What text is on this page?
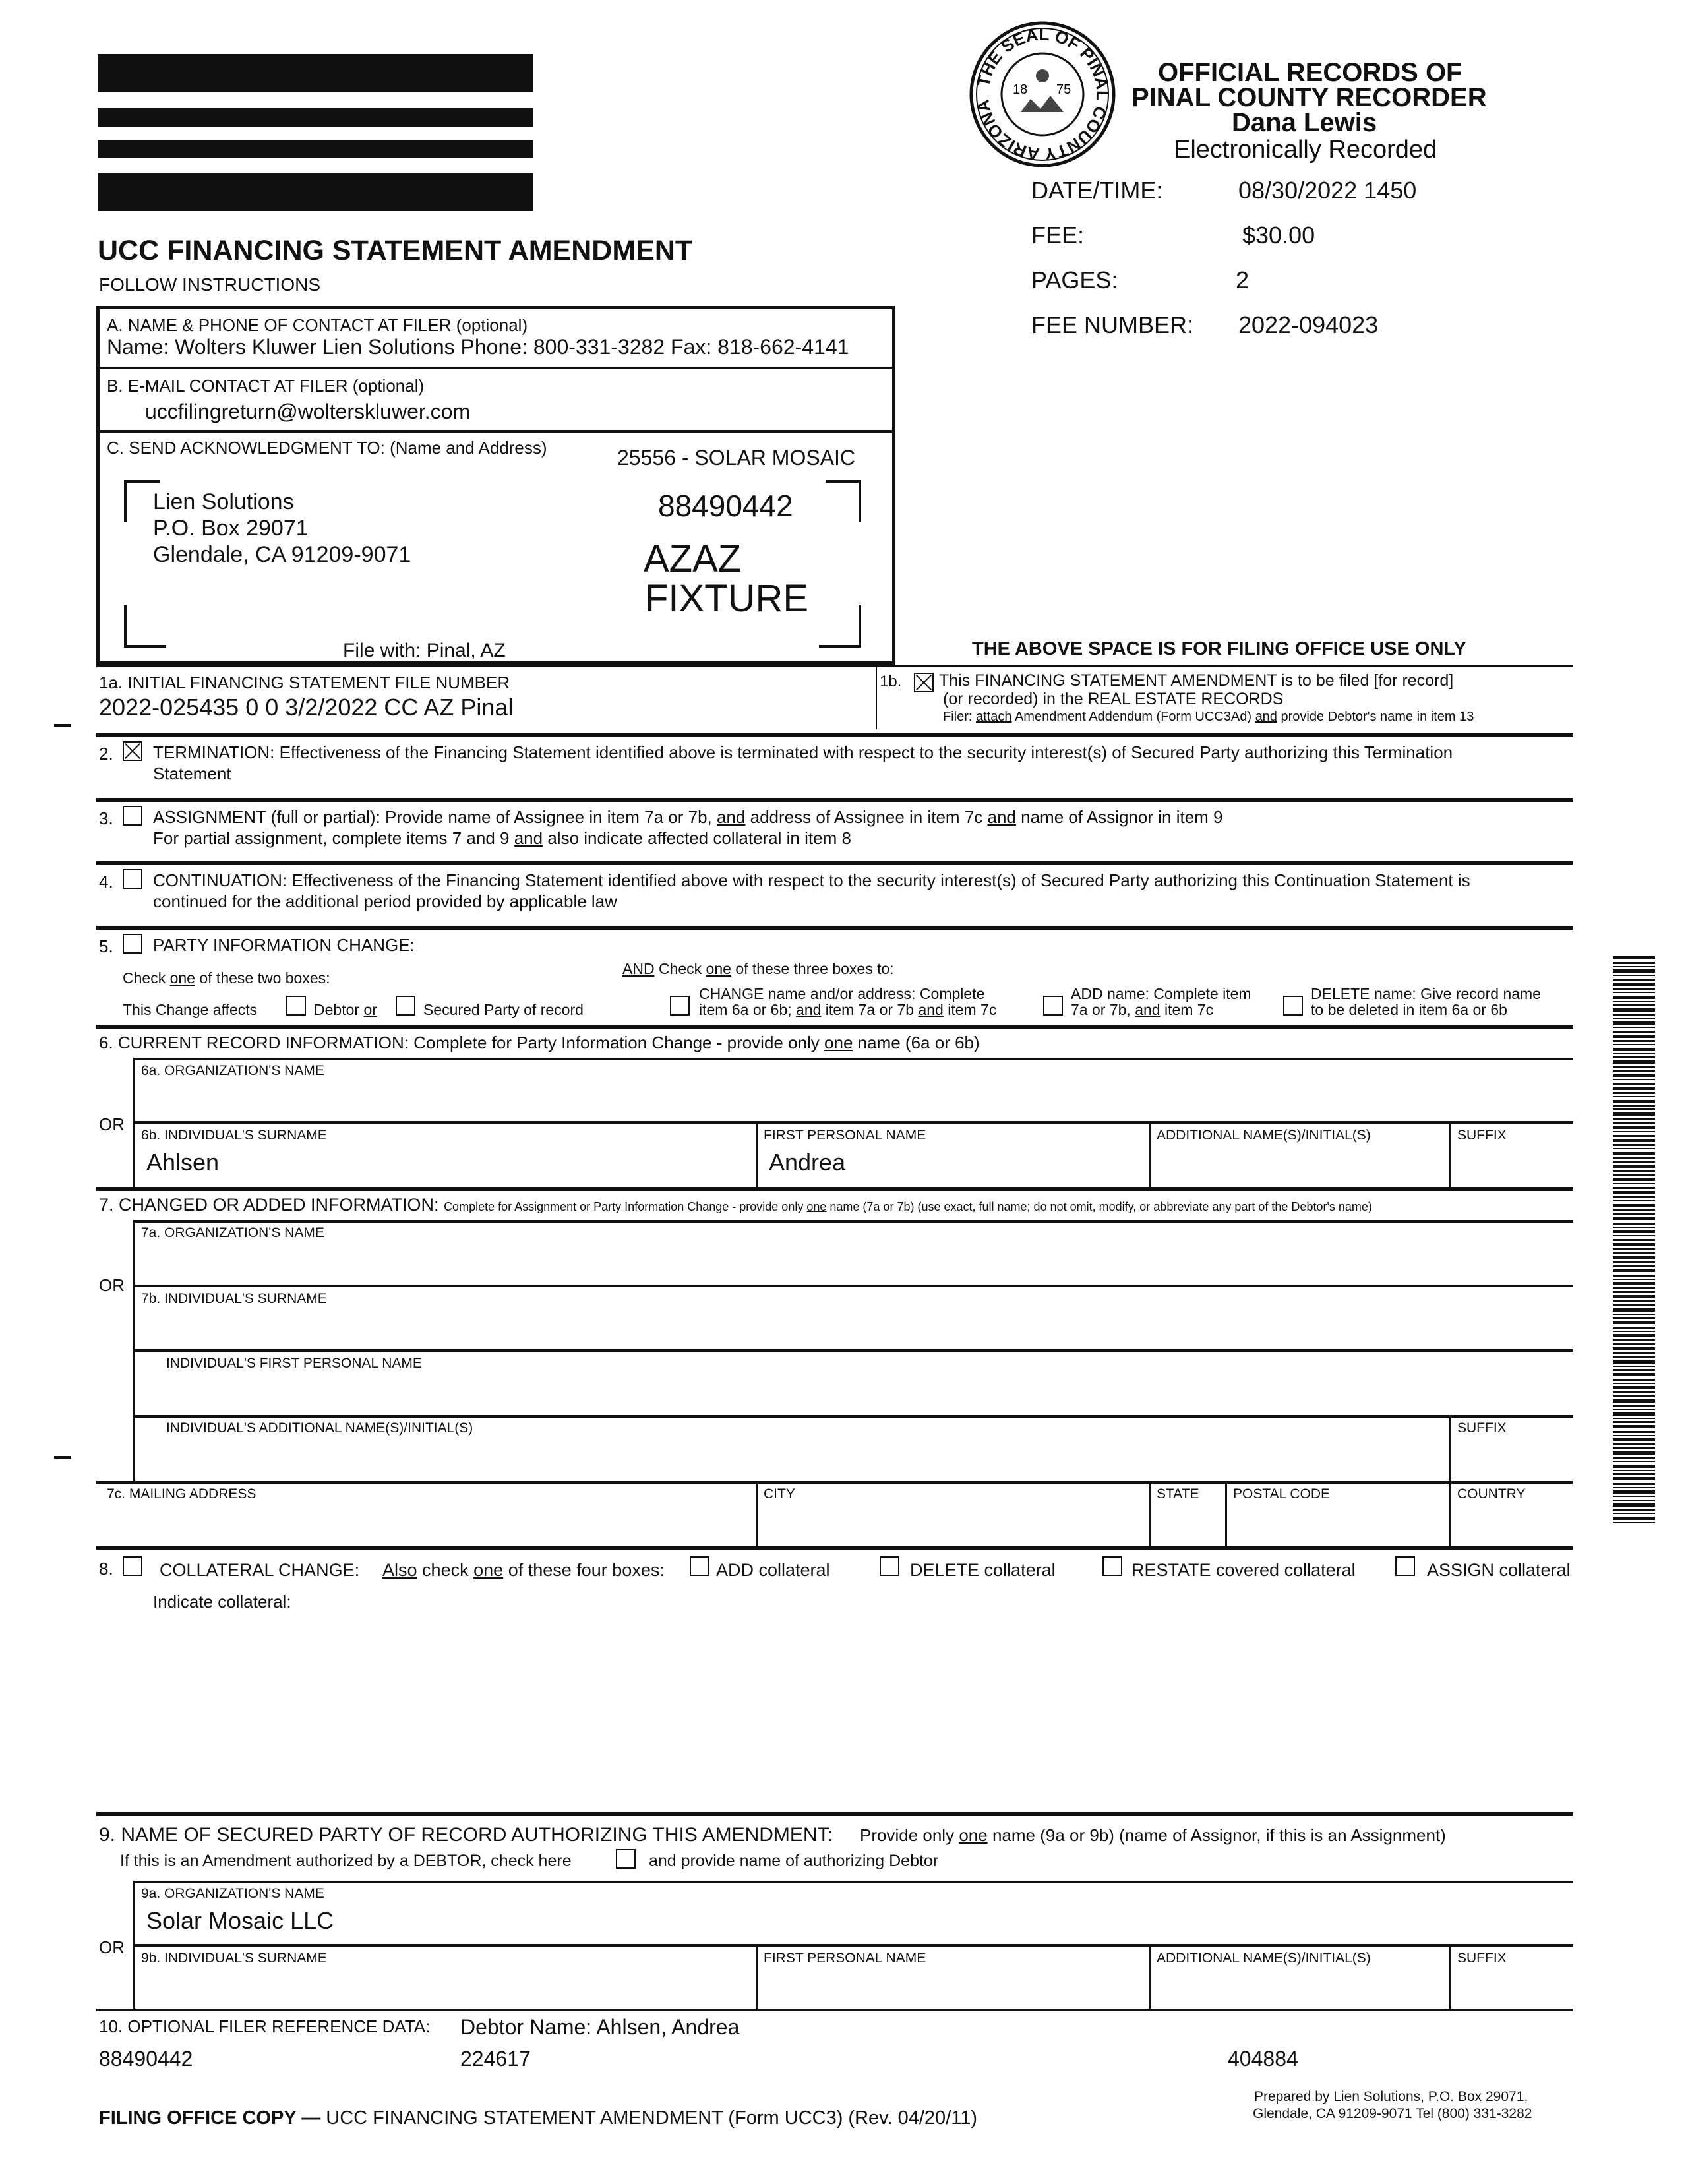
UCC FINANCING STATEMENT AMENDMENT
FOLLOW INSTRUCTIONS
THE SEAL OF PINAL COUNTY ARIZONA
18 75
OFFICIAL RECORDS OF
PINAL COUNTY RECORDER
Dana Lewis
Electronically Recorded
DATE/TIME:	08/30/2022 1450
FEE:	$30.00
PAGES:	2
FEE NUMBER: 2022-094023
A. NAME & PHONE OF CONTACT AT FILER (optional)
Name: Wolters Kluwer Lien Solutions Phone: 800-331-3282 Fax: 818-662-4141
B. E-MAIL CONTACT AT FILER (optional)
uccfilingreturn@wolterskluwer.com
C. SEND ACKNOWLEDGMENT TO: (Name and Address)	25556 - SOLAR MOSAIC
Lien Solutions
P.O. Box 29071
Glendale, CA 91209-9071
88490442
AZAZ
FIXTURE
File with: Pinal, AZ	THE ABOVE SPACE IS FOR FILING OFFICE USE ONLY
1a. INITIAL FINANCING STATEMENT FILE NUMBER
2022-025435 0 0 3/2/2022 CC AZ Pinal
1b. This FINANCING STATEMENT AMENDMENT is to be filed [for record]
(or recorded) in the REAL ESTATE RECORDS
Filer: attach Amendment Addendum (Form UCC3Ad) and provide Debtor's name in item 13
2. TERMINATION: Effectiveness of the Financing Statement identified above is terminated with respect to the security interest(s) of Secured Party authorizing this Termination
Statement
3. ASSIGNMENT (full or partial): Provide name of Assignee in item 7a or 7b, and address of Assignee in item 7c and name of Assignor in item 9
For partial assignment, complete items 7 and 9 and also indicate affected collateral in item 8
4. CONTINUATION: Effectiveness of the Financing Statement identified above with respect to the security interest(s) of Secured Party authorizing this Continuation Statement is
continued for the additional period provided by applicable law
5. PARTY INFORMATION CHANGE:
Check one of these two boxes:
AND Check one of these three boxes to:
This Change affects	Debtor or	Secured Party of record
CHANGE name and/or address: Complete
item 6a or 6b; and item 7a or 7b and item 7c
ADD name: Complete item
7a or 7b, and item 7c
DELETE name: Give record name
to be deleted in item 6a or 6b
6. CURRENT RECORD INFORMATION: Complete for Party Information Change - provide only one name (6a or 6b)
6a. ORGANIZATION'S NAME
OR
6b. INDIVIDUAL'S SURNAME
Ahlsen
FIRST PERSONAL NAME
Andrea
ADDITIONAL NAME(S)/INITIAL(S)	SUFFIX
7. CHANGED OR ADDED INFORMATION: Complete for Assignment or Party Information Change - provide only one name (7a or 7b) (use exact, full name; do not omit, modify, or abbreviate any part of the Debtor's name)
7a. ORGANIZATION'S NAME
OR
7b. INDIVIDUAL'S SURNAME
INDIVIDUAL'S FIRST PERSONAL NAME
INDIVIDUAL'S ADDITIONAL NAME(S)/INITIAL(S)	SUFFIX
7c. MAILING ADDRESS	CITY	STATE POSTAL CODE	COUNTRY
8.	COLLATERAL CHANGE: Also check one of these four boxes:	ADD collateral	DELETE collateral	RESTATE covered collateral	ASSIGN collateral
Indicate collateral:
9. NAME OF SECURED PARTY OF RECORD AUTHORIZING THIS AMENDMENT: Provide only one name (9a or 9b) (name of Assignor, if this is an Assignment)
If this is an Amendment authorized by a DEBTOR, check here	and provide name of authorizing Debtor
9a. ORGANIZATION'S NAME
Solar Mosaic LLC
OR
9b. INDIVIDUAL'S SURNAME	FIRST PERSONAL NAME	ADDITIONAL NAME(S)/INITIAL(S)	SUFFIX
10. OPTIONAL FILER REFERENCE DATA: Debtor Name: Ahlsen, Andrea
88490442	224617	404884
FILING OFFICE COPY — UCC FINANCING STATEMENT AMENDMENT (Form UCC3) (Rev. 04/20/11)
Prepared by Lien Solutions, P.O. Box 29071,
Glendale, CA 91209-9071 Tel (800) 331-3282
